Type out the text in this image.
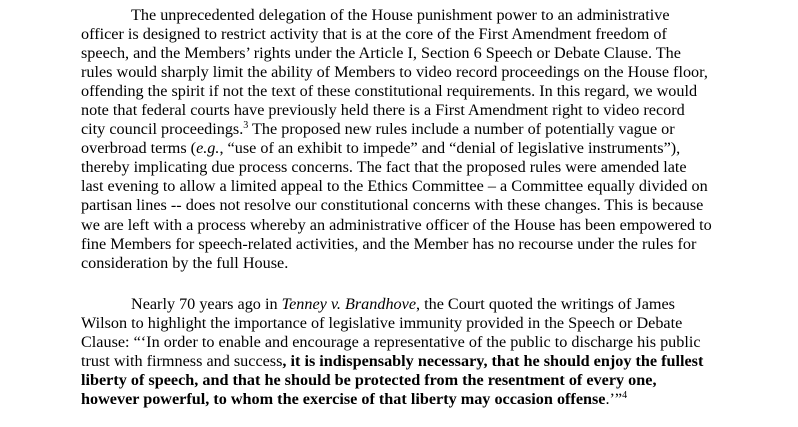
The unprecedented delegation of the House punishment power to an administrative
officer is designed to restrict activity that is at the core of the First Amendment freedom of
speech, and the Members’ rights under the Article I, Section 6 Speech or Debate Clause. The
rules would sharply limit the ability of Members to video record proceedings on the House floor,
offending the spirit if not the text of these constitutional requirements. In this regard, we would
note that federal courts have previously held there is a First Amendment right to video record
city council proceedings.$^3$ The proposed new rules include a number of potentially vague or
overbroad terms (e.g., “use of an exhibit to impede” and “denial of legislative instruments”),
thereby implicating due process concerns. The fact that the proposed rules were amended late
last evening to allow a limited appeal to the Ethics Committee – a Committee equally divided on
partisan lines -- does not resolve our constitutional concerns with these changes. This is because
we are left with a process whereby an administrative officer of the House has been empowered to
fine Members for speech-related activities, and the Member has no recourse under the rules for
consideration by the full House.

Nearly 70 years ago in Tenney v. Brandhove, the Court quoted the writings of James
Wilson to highlight the importance of legislative immunity provided in the Speech or Debate
Clause: “‘In order to enable and encourage a representative of the public to discharge his public
trust with firmness and success, it is indispensably necessary, that he should enjoy the fullest
liberty of speech, and that he should be protected from the resentment of every one,
however powerful, to whom the exercise of that liberty may occasion offense.’”$^4$
